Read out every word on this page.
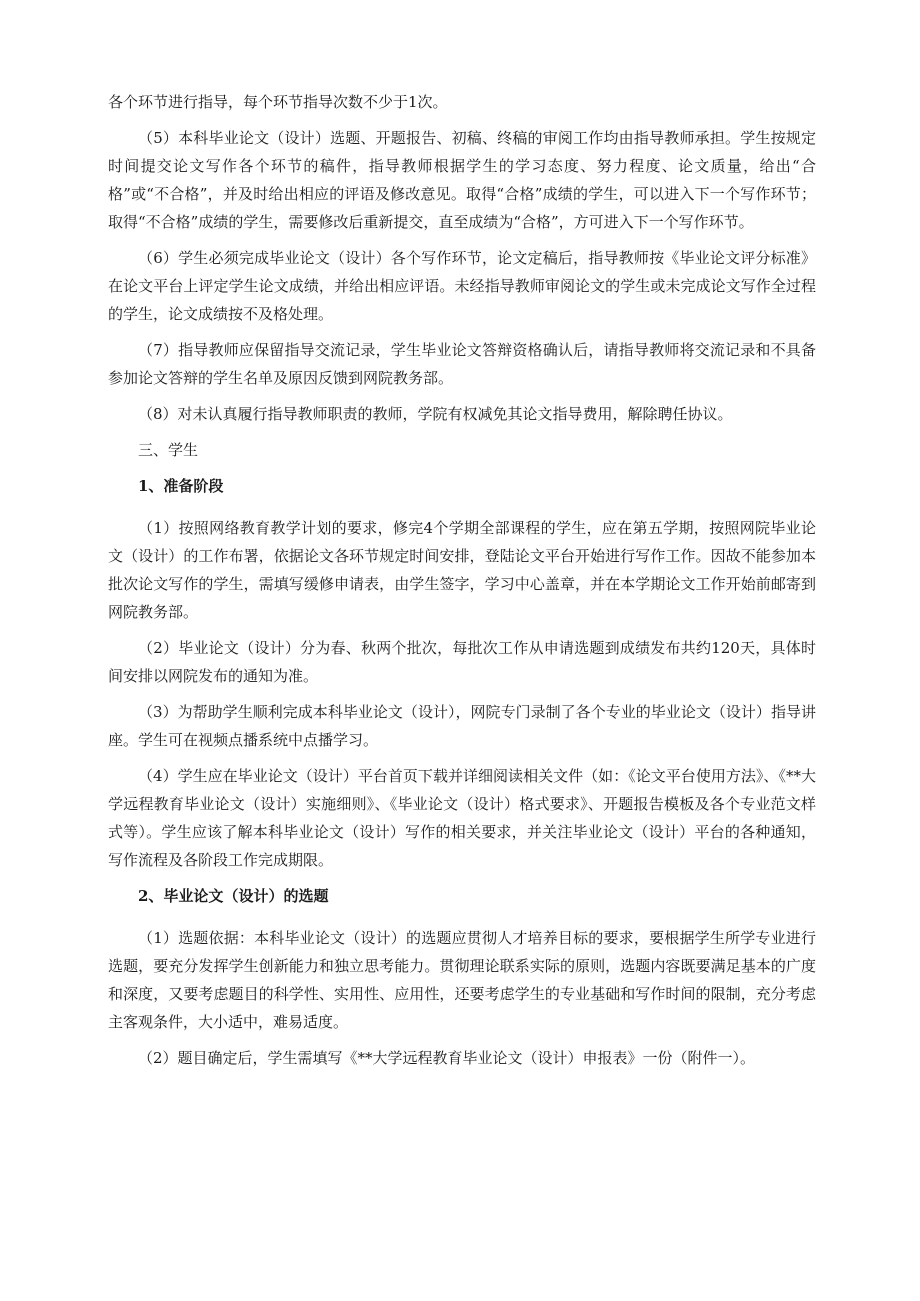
各个环节进行指导，每个环节指导次数不少于1次。

（5）本科毕业论文（设计）选题、开题报告、初稿、终稿的审阅工作均由指导教师承担。学生按规定时间提交论文写作各个环节的稿件，指导教师根据学生的学习态度、努力程度、论文质量，给出“合格”或“不合格”，并及时给出相应的评语及修改意见。取得“合格”成绩的学生，可以进入下一个写作环节；取得“不合格”成绩的学生，需要修改后重新提交，直至成绩为“合格”，方可进入下一个写作环节。

（6）学生必须完成毕业论文（设计）各个写作环节，论文定稿后，指导教师按《毕业论文评分标准》在论文平台上评定学生论文成绩，并给出相应评语。未经指导教师审阅论文的学生或未完成论文写作全过程的学生，论文成绩按不及格处理。

（7）指导教师应保留指导交流记录，学生毕业论文答辩资格确认后，请指导教师将交流记录和不具备参加论文答辩的学生名单及原因反馈到网院教务部。

（8）对未认真履行指导教师职责的教师，学院有权减免其论文指导费用，解除聘任协议。

三、学生
1、准备阶段

（1）按照网络教育教学计划的要求，修完4个学期全部课程的学生，应在第五学期，按照网院毕业论文（设计）的工作布署，依据论文各环节规定时间安排，登陆论文平台开始进行写作工作。因故不能参加本批次论文写作的学生，需填写缓修申请表，由学生签字，学习中心盖章，并在本学期论文工作开始前邮寄到网院教务部。

（2）毕业论文（设计）分为春、秋两个批次，每批次工作从申请选题到成绩发布共约120天，具体时间安排以网院发布的通知为准。

（3）为帮助学生顺利完成本科毕业论文（设计），网院专门录制了各个专业的毕业论文（设计）指导讲座。学生可在视频点播系统中点播学习。

（4）学生应在毕业论文（设计）平台首页下载并详细阅读相关文件（如：《论文平台使用方法》、《**大学远程教育毕业论文（设计）实施细则》、《毕业论文（设计）格式要求》、开题报告模板及各个专业范文样式等）。学生应该了解本科毕业论文（设计）写作的相关要求，并关注毕业论文（设计）平台的各种通知，写作流程及各阶段工作完成期限。

2、毕业论文（设计）的选题

（1）选题依据：本科毕业论文（设计）的选题应贯彻人才培养目标的要求，要根据学生所学专业进行选题，要充分发挥学生创新能力和独立思考能力。贯彻理论联系实际的原则，选题内容既要满足基本的广度和深度，又要考虑题目的科学性、实用性、应用性，还要考虑学生的专业基础和写作时间的限制，充分考虑主客观条件，大小适中，难易适度。

（2）题目确定后，学生需填写《**大学远程教育毕业论文（设计）申报表》一份（附件一）。
